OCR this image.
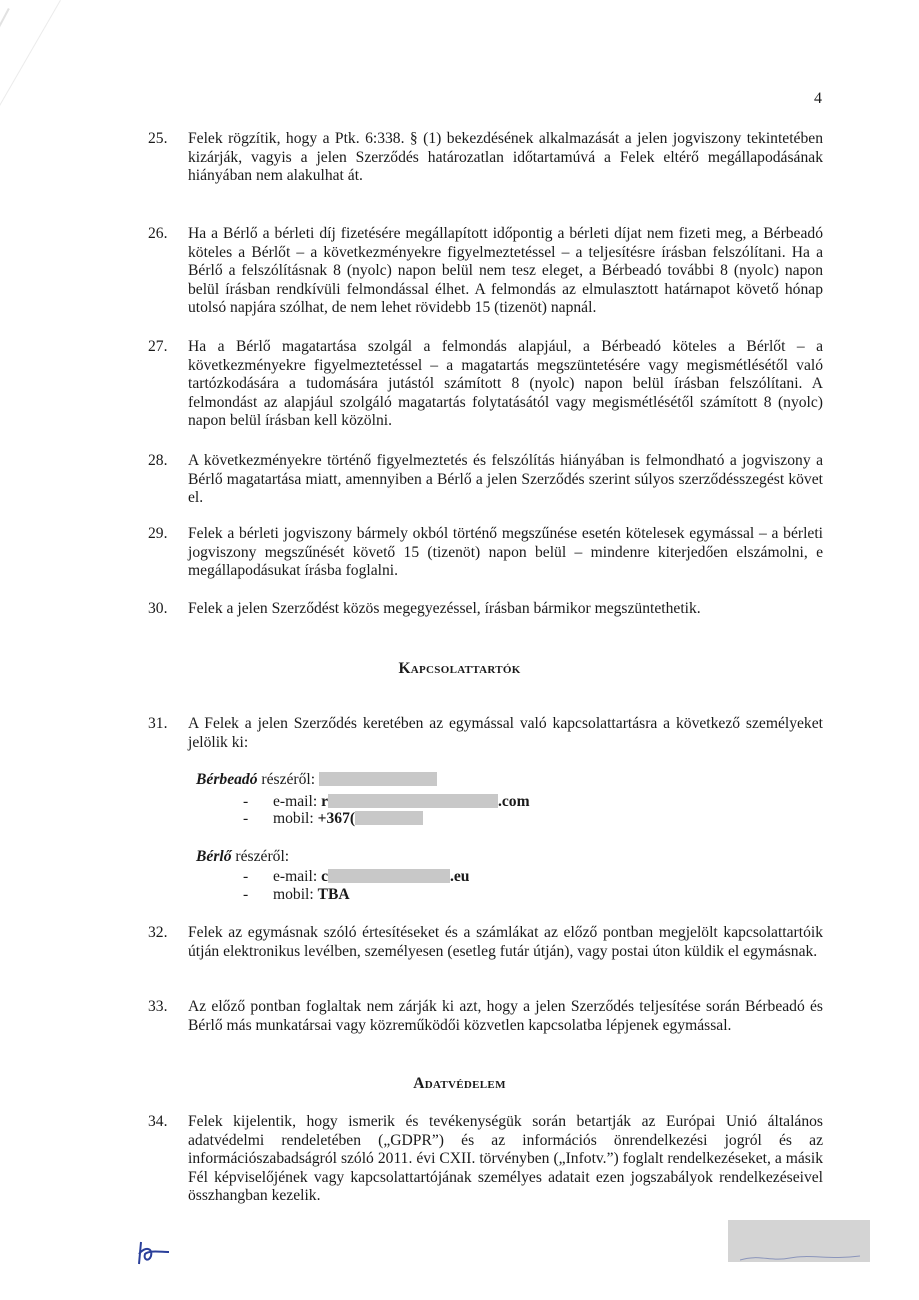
4
25. Felek rögzítik, hogy a Ptk. 6:338. § (1) bekezdésének alkalmazását a jelen jogviszony tekintetében kizárják, vagyis a jelen Szerződés határozatlan időtartamúvá a Felek eltérő megállapodásának hiányában nem alakulhat át.
26. Ha a Bérlő a bérleti díj fizetésére megállapított időpontig a bérleti díjat nem fizeti meg, a Bérbeadó köteles a Bérlőt – a következményekre figyelmeztetéssel – a teljesítésre írásban felszólítani. Ha a Bérlő a felszólításnak 8 (nyolc) napon belül nem tesz eleget, a Bérbeadó további 8 (nyolc) napon belül írásban rendkívüli felmondással élhet. A felmondás az elmulasztott határnapot követő hónap utolsó napjára szólhat, de nem lehet rövidebb 15 (tizenöt) napnál.
27. Ha a Bérlő magatartása szolgál a felmondás alapjául, a Bérbeadó köteles a Bérlőt – a következményekre figyelmeztetéssel – a magatartás megszüntetésére vagy megismétlésétől való tartózkodására a tudomására jutástól számított 8 (nyolc) napon belül írásban felszólítani. A felmondást az alapjául szolgáló magatartás folytatásától vagy megismétlésétől számított 8 (nyolc) napon belül írásban kell közölni.
28. A következményekre történő figyelmeztetés és felszólítás hiányában is felmondható a jogviszony a Bérlő magatartása miatt, amennyiben a Bérlő a jelen Szerződés szerint súlyos szerződésszegést követ el.
29. Felek a bérleti jogviszony bármely okból történő megszűnése esetén kötelesek egymással – a bérleti jogviszony megszűnését követő 15 (tizenöt) napon belül – mindenre kiterjedően elszámolni, e megállapodásukat írásba foglalni.
30. Felek a jelen Szerződést közös megegyezéssel, írásban bármikor megszüntethetik.
Kapcsolattartók
31. A Felek a jelen Szerződés keretében az egymással való kapcsolattartásra a következő személyeket jelölik ki:
Bérbeadó részéről:
- e-mail: r	.com
- mobil: +367(
Bérlő részéről:
- e-mail: c	.eu
- mobil: TBA
32. Felek az egymásnak szóló értesítéseket és a számlákat az előző pontban megjelölt kapcsolattartóik útján elektronikus levélben, személyesen (esetleg futár útján), vagy postai úton küldik el egymásnak.
33. Az előző pontban foglaltak nem zárják ki azt, hogy a jelen Szerződés teljesítése során Bérbeadó és Bérlő más munkatársai vagy közreműködői közvetlen kapcsolatba lépjenek egymással.
Adatvédelem
34. Felek kijelentik, hogy ismerik és tevékenységük során betartják az Európai Unió általános adatvédelmi rendeletében („GDPR”) és az információs önrendelkezési jogról és az információszabadságról szóló 2011. évi CXII. törvényben („Infotv.”) foglalt rendelkezéseket, a másik Fél képviselőjének vagy kapcsolattartójának személyes adatait ezen jogszabályok rendelkezéseivel összhangban kezelik.
